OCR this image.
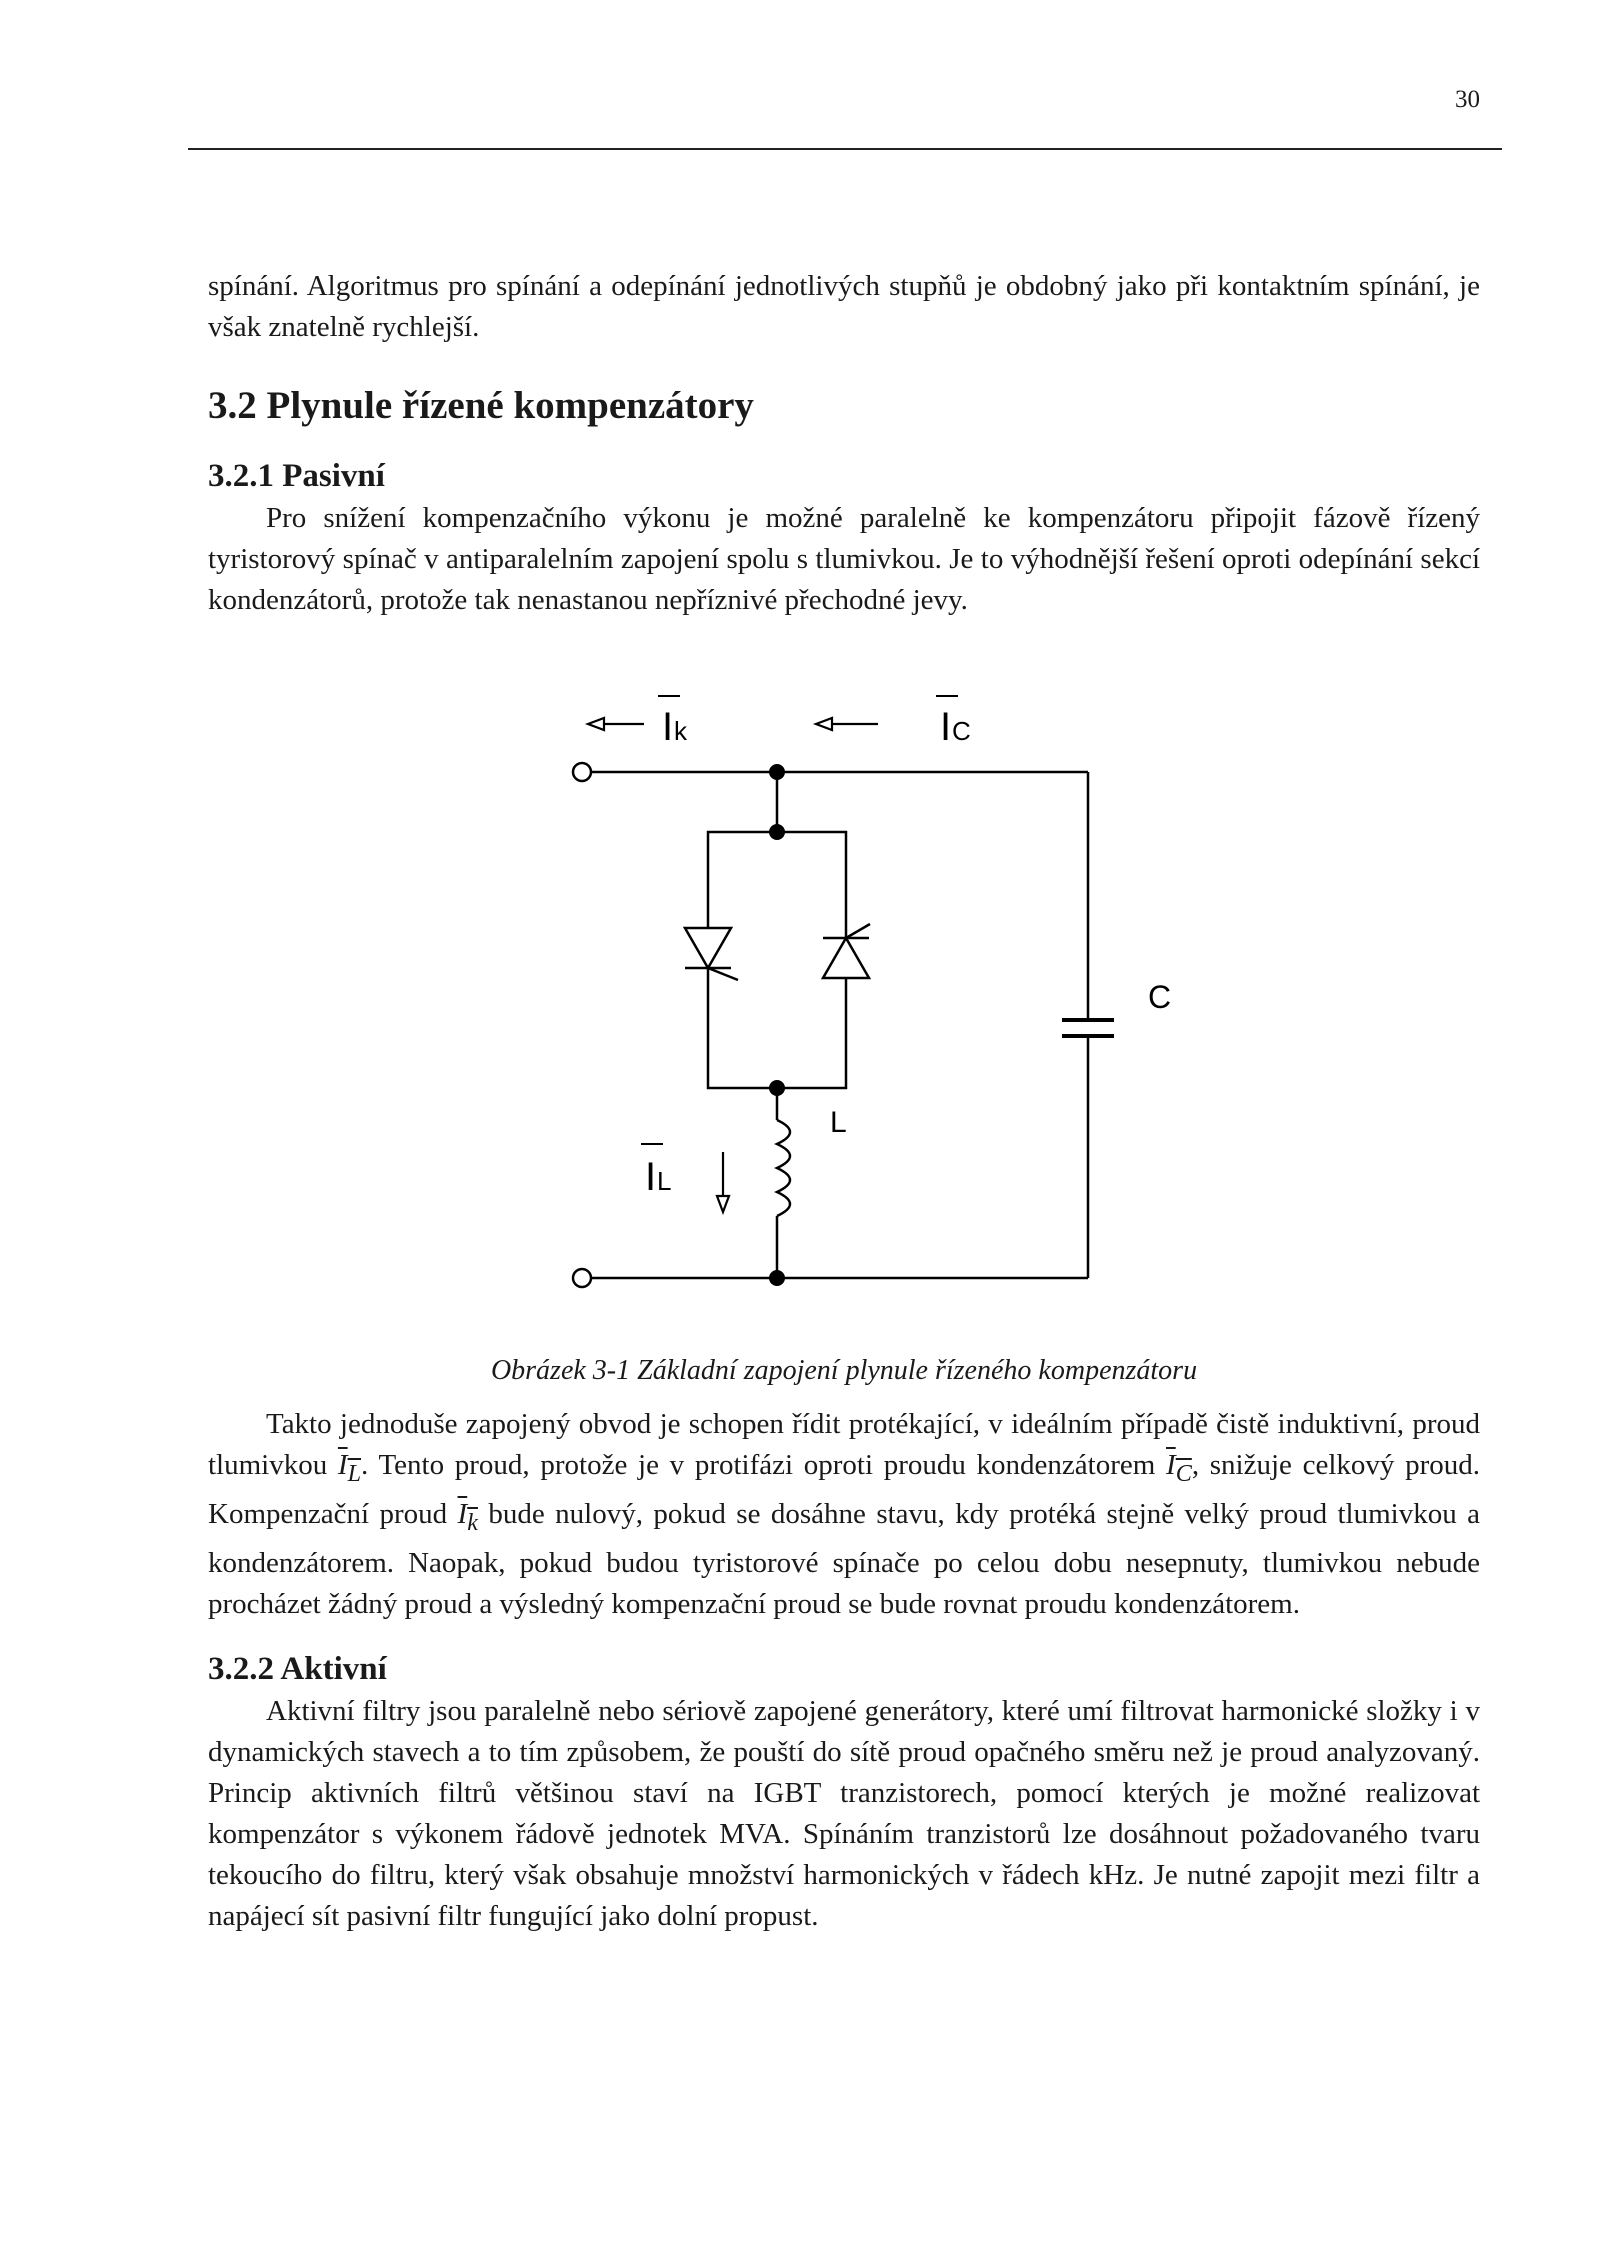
30

spínání. Algoritmus pro spínání a odepínání jednotlivých stupňů je obdobný jako při kontaktním spínání, je však znatelně rychlejší.

3.2 Plynule řízené kompenzátory
3.2.1 Pasivní

Pro snížení kompenzačního výkonu je možné paralelně ke kompenzátoru připojit fázově řízený tyristorový spínač v antiparalelním zapojení spolu s tlumivkou. Je to výhodnější řešení oproti odepínání sekcí kondenzátorů, protože tak nenastanou nepříznivé přechodné jevy.

I k	I C
I L
C
L
Obrázek 3-1 Základní zapojení plynule řízeného kompenzátoru

Takto jednoduše zapojený obvod je schopen řídit protékající, v ideálním případě čistě induktivní, proud tlumivkou $I_L$. Tento proud, protože je v protifázi oproti proudu kondenzátorem $I_C$, snižuje celkový proud. Kompenzační proud $I_k$ bude nulový, pokud se dosáhne stavu, kdy protéká stejně velký proud tlumivkou a kondenzátorem. Naopak, pokud budou tyristorové spínače po celou dobu nesepnuty, tlumivkou nebude procházet žádný proud a výsledný kompenzační proud se bude rovnat proudu kondenzátorem.

3.2.2 Aktivní

Aktivní filtry jsou paralelně nebo sériově zapojené generátory, které umí filtrovat harmonické složky i v dynamických stavech a to tím způsobem, že pouští do sítě proud opačného směru než je proud analyzovaný. Princip aktivních filtrů většinou staví na IGBT tranzistorech, pomocí kterých je možné realizovat kompenzátor s výkonem řádově jednotek MVA. Spínáním tranzistorů lze dosáhnout požadovaného tvaru tekoucího do filtru, který však obsahuje množství harmonických v řádech kHz. Je nutné zapojit mezi filtr a napájecí sít pasivní filtr fungující jako dolní propust.
